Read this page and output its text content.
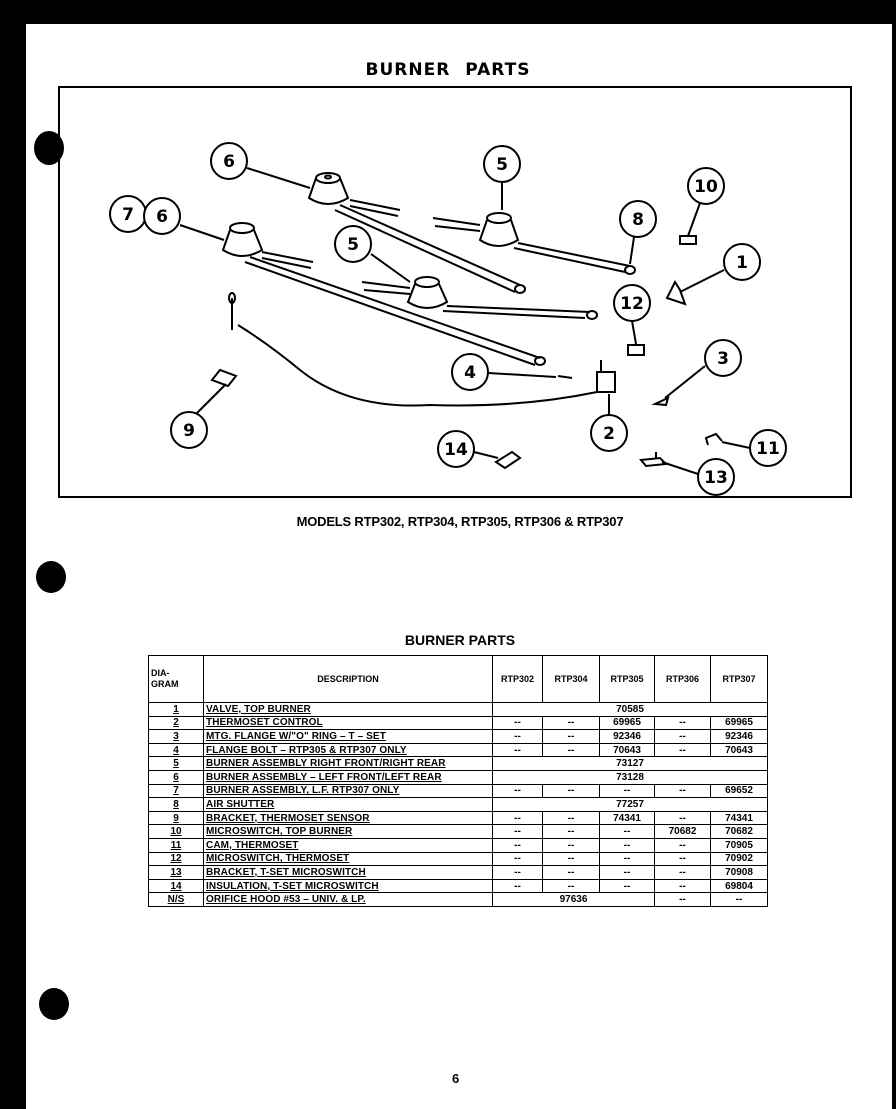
BURNER PARTS
6	5
10
7 6	8
5
1
12
4
3
9	2
14	11
13
MODELS RTP302, RTP304, RTP305, RTP306 & RTP307
BURNER PARTS
DIA-
GRAM	DESCRIPTION	RTP302	RTP304	RTP305	RTP306	RTP307
1	VALVE, TOP BURNER	70585				
2	THERMOSET CONTROL	--	--	69965	--	69965
3	MTG. FLANGE W/"O" RING – T – SET	--	--	92346	--	92346
4	FLANGE BOLT – RTP305 & RTP307 ONLY	--	--	70643	--	70643
5	BURNER ASSEMBLY RIGHT FRONT/RIGHT REAR	73127				
6	BURNER ASSEMBLY – LEFT FRONT/LEFT REAR	73128				
7	BURNER ASSEMBLY, L.F. RTP307 ONLY	--	--	--	--	69652
8	AIR SHUTTER	77257				
9	BRACKET, THERMOSET SENSOR	--	--	74341	--	74341
10	MICROSWITCH, TOP BURNER	--	--	--	70682	70682
11	CAM, THERMOSET	--	--	--	--	70905
12	MICROSWITCH, THERMOSET	--	--	--	--	70902
13	BRACKET, T-SET MICROSWITCH	--	--	--	--	70908
14	INSULATION, T-SET MICROSWITCH	--	--	--	--	69804
N/S	ORIFICE HOOD #53 – UNIV. & LP.	97636			--	--
6
